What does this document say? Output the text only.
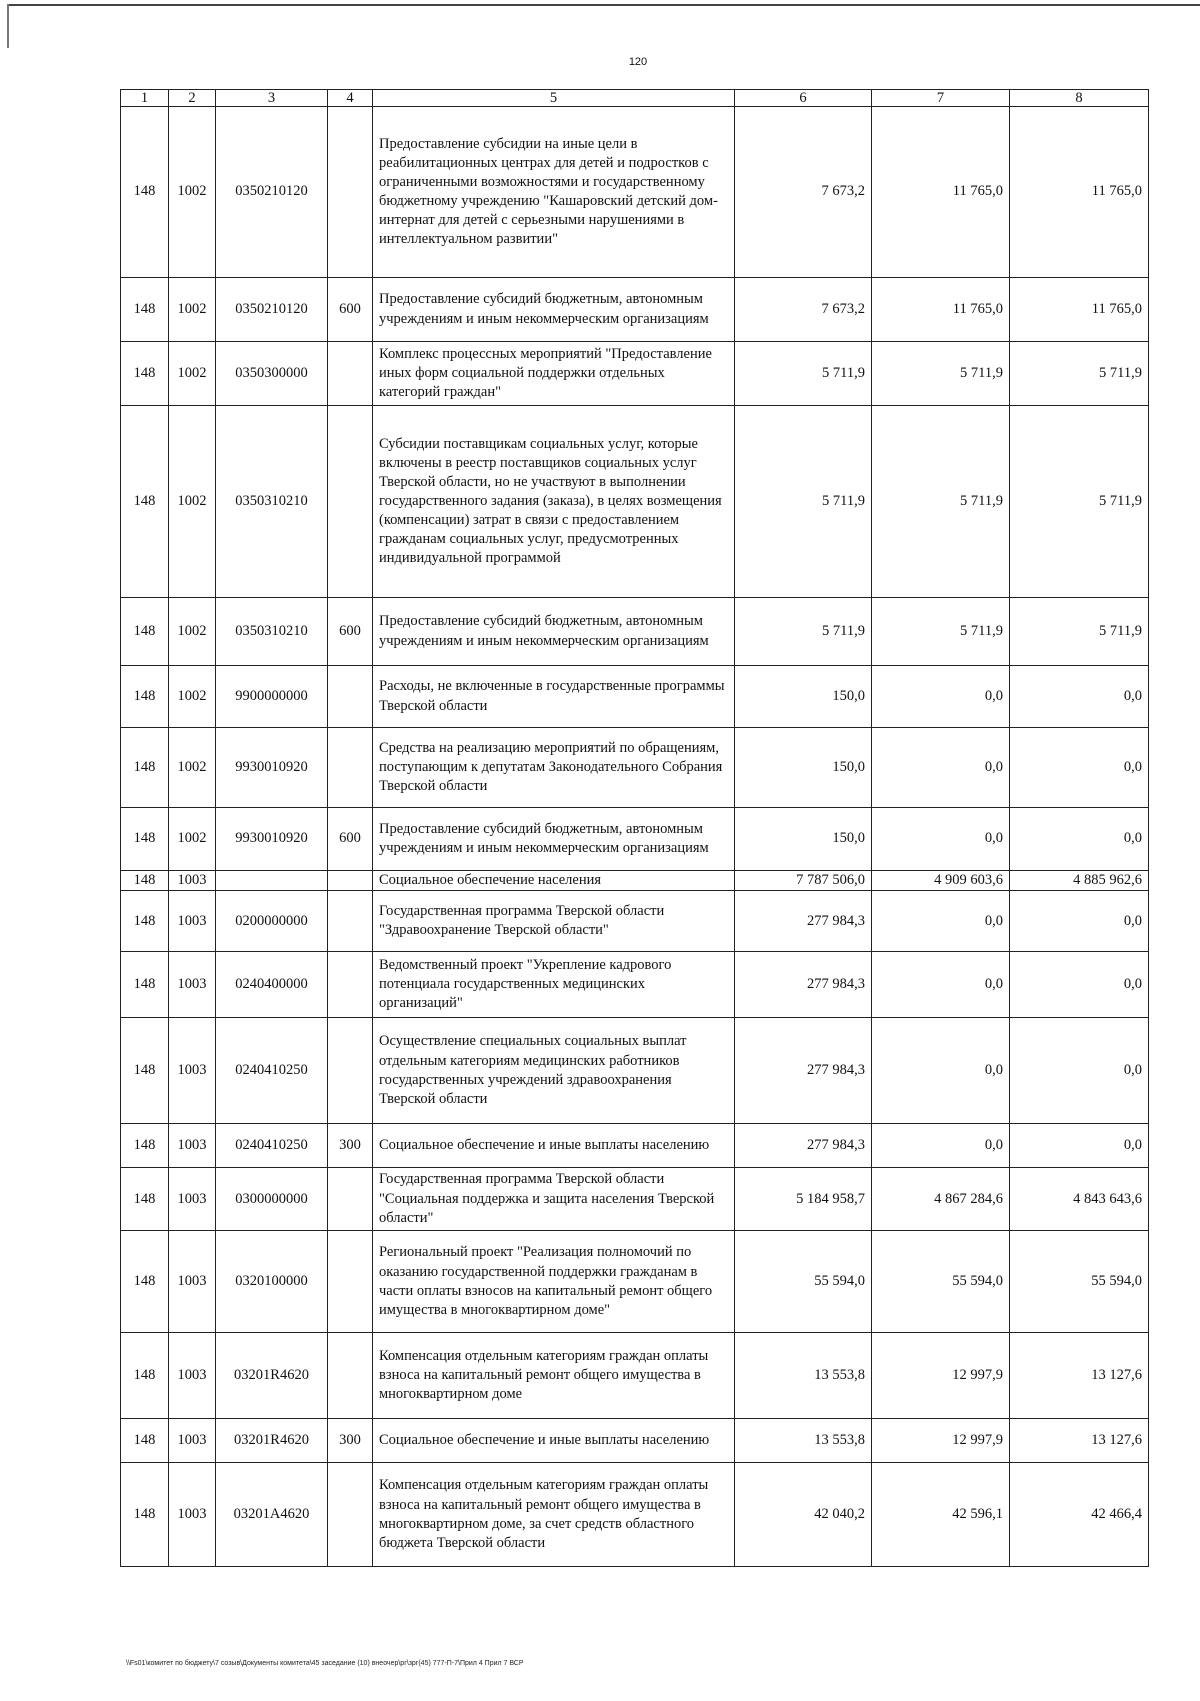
120
1	2	3	4	5	6	7	8
148	1002	0350210120		Предоставление субсидии на иные цели в реабилитационных центрах для детей и подростков с ограниченными возможностями и государственному бюджетному учреждению "Кашаровский детский дом-интернат для детей с серьезными нарушениями в интеллектуальном развитии"	7 673,2	11 765,0	11 765,0
148	1002	0350210120	600	Предоставление субсидий бюджетным, автономным учреждениям и иным некоммерческим организациям	7 673,2	11 765,0	11 765,0
148	1002	0350300000		Комплекс процессных мероприятий "Предоставление иных форм социальной поддержки отдельных категорий граждан"	5 711,9	5 711,9	5 711,9
148	1002	0350310210		Субсидии поставщикам социальных услуг, которые включены в реестр поставщиков социальных услуг Тверской области, но не участвуют в выполнении государственного задания (заказа), в целях возмещения (компенсации) затрат в связи с предоставлением гражданам социальных услуг, предусмотренных индивидуальной программой	5 711,9	5 711,9	5 711,9
148	1002	0350310210	600	Предоставление субсидий бюджетным, автономным учреждениям и иным некоммерческим организациям	5 711,9	5 711,9	5 711,9
148	1002	9900000000		Расходы, не включенные в государственные программы Тверской области	150,0	0,0	0,0
148	1002	9930010920		Средства на реализацию мероприятий по обращениям, поступающим к депутатам Законодательного Собрания Тверской области	150,0	0,0	0,0
148	1002	9930010920	600	Предоставление субсидий бюджетным, автономным учреждениям и иным некоммерческим организациям	150,0	0,0	0,0
148	1003			Социальное обеспечение населения	7 787 506,0	4 909 603,6	4 885 962,6
148	1003	0200000000		Государственная программа Тверской области "Здравоохранение Тверской области"	277 984,3	0,0	0,0
148	1003	0240400000		Ведомственный проект "Укрепление кадрового потенциала государственных медицинских организаций"	277 984,3	0,0	0,0
148	1003	0240410250		Осуществление специальных социальных выплат отдельным категориям медицинских работников государственных учреждений здравоохранения Тверской области	277 984,3	0,0	0,0
148	1003	0240410250	300	Социальное обеспечение и иные выплаты населению	277 984,3	0,0	0,0
148	1003	0300000000		Государственная программа Тверской области "Социальная поддержка и защита населения Тверской области"	5 184 958,7	4 867 284,6	4 843 643,6
148	1003	0320100000		Региональный проект "Реализация полномочий по оказанию государственной поддержки гражданам в части оплаты взносов на капитальный ремонт общего имущества в многоквартирном доме"	55 594,0	55 594,0	55 594,0
148	1003	03201R4620		Компенсация отдельным категориям граждан оплаты взноса на капитальный ремонт общего имущества в многоквартирном доме	13 553,8	12 997,9	13 127,6
148	1003	03201R4620	300	Социальное обеспечение и иные выплаты населению	13 553,8	12 997,9	13 127,6
148	1003	03201A4620		Компенсация отдельным категориям граждан оплаты взноса на капитальный ремонт общего имущества в многоквартирном доме, за счет средств областного бюджета Тверской области	42 040,2	42 596,1	42 466,4
\\Fs01\комитет по бюджету\7 созыв\Документы комитета\45 заседание (10) внеочер\рг\зрг(45) 777-П-7\Прил 4 Прил 7 ВСР
